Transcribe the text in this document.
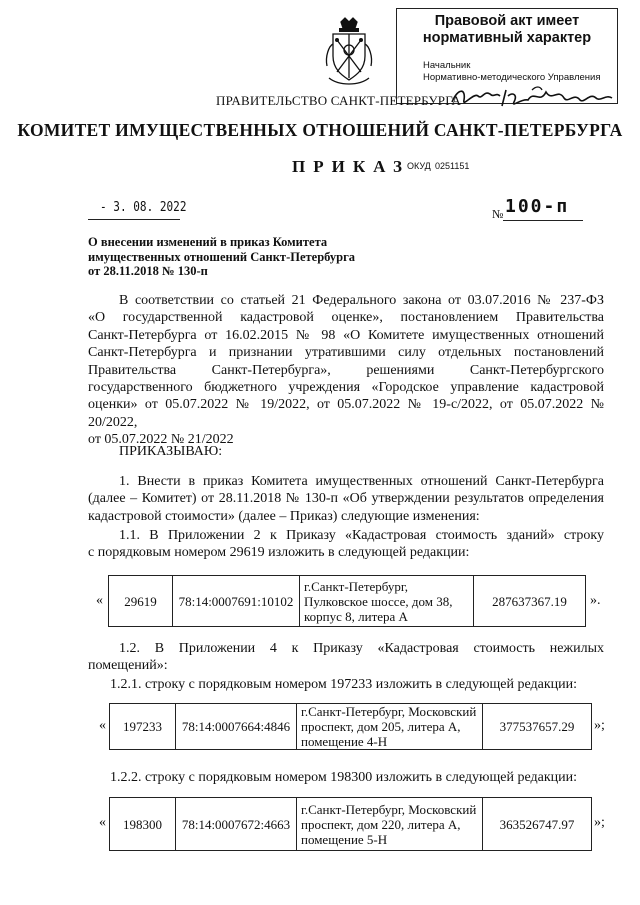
Правовой акт имеет
нормативный характер
Начальник
Нормативно-методического Управления
ПРАВИТЕЛЬСТВО САНКТ-ПЕТЕРБУРГА
КОМИТЕТ ИМУЩЕСТВЕННЫХ ОТНОШЕНИЙ САНКТ-ПЕТЕРБУРГА
ПРИКАЗ
ОКУД 0251151
- 3. 08. 2022	№ 100-п
О внесении изменений в приказ Комитета
имущественных отношений Санкт-Петербурга
от 28.11.2018 № 130-п
В соответствии со статьей 21 Федерального закона от 03.07.2016 № 237-ФЗ
«О государственной кадастровой оценке», постановлением Правительства
Санкт-Петербурга от 16.02.2015 № 98 «О Комитете имущественных отношений
Санкт-Петербурга и признании утратившими силу отдельных постановлений
Правительства Санкт-Петербурга», решениями Санкт-Петербургского
государственного бюджетного учреждения «Городское управление кадастровой
оценки» от 05.07.2022 № 19/2022, от 05.07.2022 № 19-с/2022, от 05.07.2022 № 20/2022,
от 05.07.2022 № 21/2022
ПРИКАЗЫВАЮ:
1. Внести в приказ Комитета имущественных отношений Санкт-Петербурга
(далее – Комитет) от 28.11.2018 № 130-п «Об утверждении результатов определения
кадастровой стоимости» (далее – Приказ) следующие изменения:
1.1. В Приложении 2 к Приказу «Кадастровая стоимость зданий» строку
с порядковым номером 29619 изложить в следующей редакции:
« 29619	78:14:0007691:10102	г.Санкт-Петербург, Пулковское шоссе, дом 38, корпус 8, литера А	287637367.19 ».
1.2. В Приложении 4 к Приказу «Кадастровая стоимость нежилых
помещений»:
1.2.1. строку с порядковым номером 197233 изложить в следующей редакции:
« 197233	78:14:0007664:4846	г.Санкт-Петербург, Московский проспект, дом 205, литера А, помещение 4-Н	377537657.29 »;
1.2.2. строку с порядковым номером 198300 изложить в следующей редакции:
« 198300	78:14:0007672:4663	г.Санкт-Петербург, Московский проспект, дом 220, литера А, помещение 5-Н	363526747.97 »;
